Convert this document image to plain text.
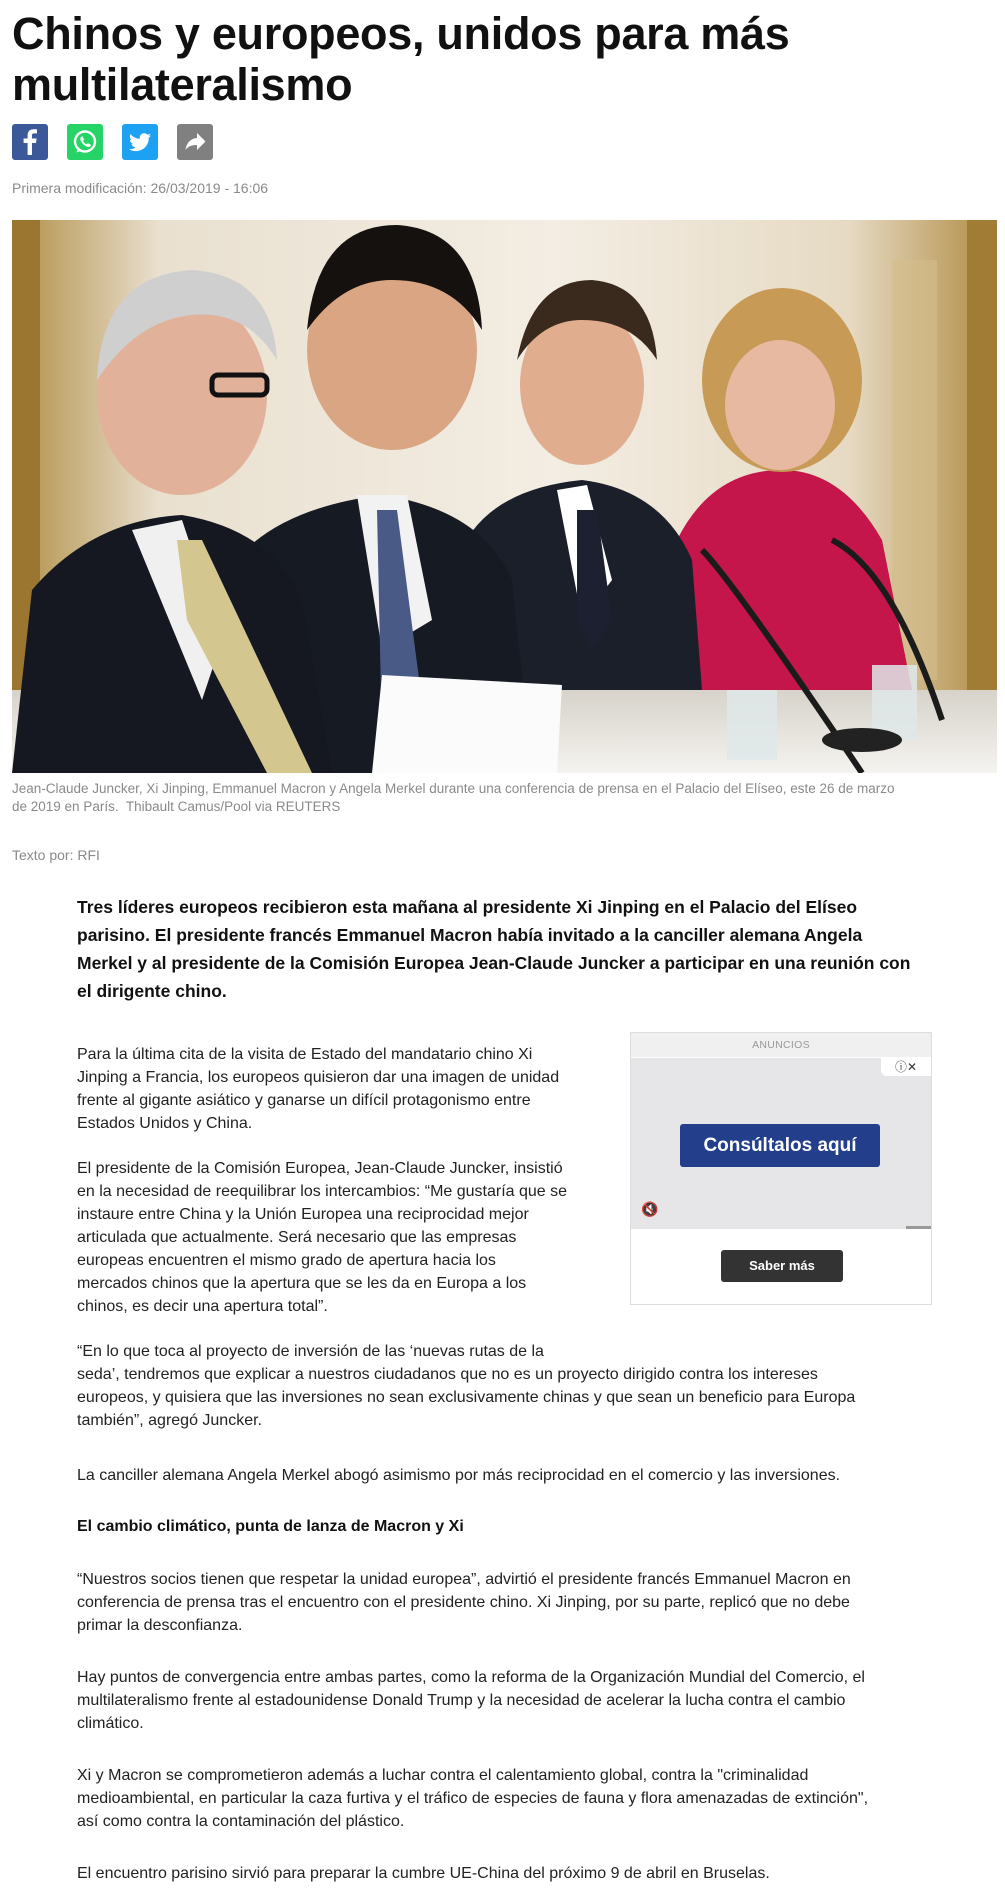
Chinos y europeos, unidos para más multilateralismo
Primera modificación: 26/03/2019 - 16:06
Jean-Claude Juncker, Xi Jinping, Emmanuel Macron y Angela Merkel durante una conferencia de prensa en el Palacio del Elíseo, este 26 de marzo
de 2019 en París.  Thibault Camus/Pool via REUTERS
Texto por: RFI

Tres líderes europeos recibieron esta mañana al presidente Xi Jinping en el Palacio del Elíseo parisino. El presidente francés Emmanuel Macron había invitado a la canciller alemana Angela Merkel y al presidente de la Comisión Europea Jean-Claude Juncker a participar en una reunión con el dirigente chino.

ANUNCIOS
ⓘ✕
Consúltalos aquí
🔇
Saber más

Para la última cita de la visita de Estado del mandatario chino Xi
Jinping a Francia, los europeos quisieron dar una imagen de unidad
frente al gigante asiático y ganarse un difícil protagonismo entre
Estados Unidos y China.

El presidente de la Comisión Europea, Jean-Claude Juncker, insistió
en la necesidad de reequilibrar los intercambios: “Me gustaría que se
instaure entre China y la Unión Europea una reciprocidad mejor
articulada que actualmente. Será necesario que las empresas
europeas encuentren el mismo grado de apertura hacia los
mercados chinos que la apertura que se les da en Europa a los
chinos, es decir una apertura total”.

“En lo que toca al proyecto de inversión de las ‘nuevas rutas de la
seda’, tendremos que explicar a nuestros ciudadanos que no es un proyecto dirigido contra los intereses
europeos, y quisiera que las inversiones no sean exclusivamente chinas y que sean un beneficio para Europa
también”, agregó Juncker.

La canciller alemana Angela Merkel abogó asimismo por más reciprocidad en el comercio y las inversiones.

El cambio climático, punta de lanza de Macron y Xi

“Nuestros socios tienen que respetar la unidad europea”, advirtió el presidente francés Emmanuel Macron en
conferencia de prensa tras el encuentro con el presidente chino. Xi Jinping, por su parte, replicó que no debe
primar la desconfianza.

Hay puntos de convergencia entre ambas partes, como la reforma de la Organización Mundial del Comercio, el
multilateralismo frente al estadounidense Donald Trump y la necesidad de acelerar la lucha contra el cambio
climático.

Xi y Macron se comprometieron además a luchar contra el calentamiento global, contra la "criminalidad
medioambiental, en particular la caza furtiva y el tráfico de especies de fauna y flora amenazadas de extinción",
así como contra la contaminación del plástico.

El encuentro parisino sirvió para preparar la cumbre UE-China del próximo 9 de abril en Bruselas.
